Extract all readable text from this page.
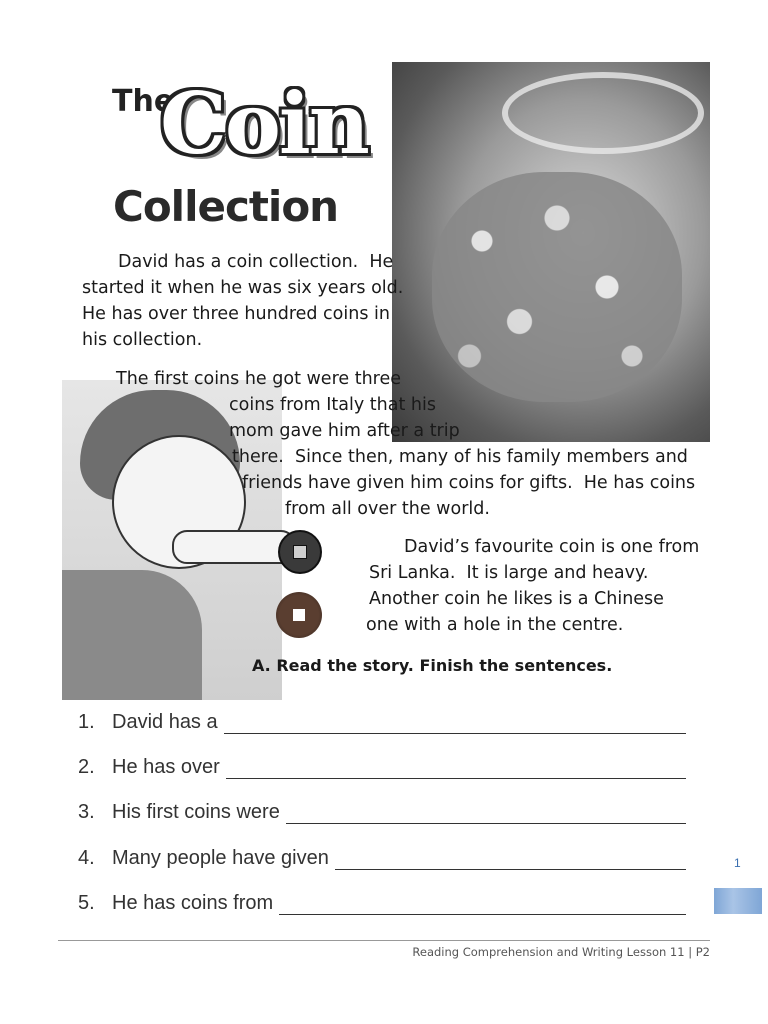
The
Coin
Collection

David has a coin collection.  He

started it when he was six years old.

He has over three hundred coins in

his collection.

The first coins he got were three

coins from Italy that his

mom gave him after a trip

there.  Since then, many of his family members and

friends have given him coins for gifts.  He has coins

from all over the world.

David’s favourite coin is one from

Sri Lanka.  It is large and heavy.

Another coin he likes is a Chinese

one with a hole in the centre.

A. Read the story. Finish the sentences.
1. David has a
2. He has over
3. His first coins were
4. Many people have given
5. He has coins from
1
Reading Comprehension and Writing Lesson 11 | P2
